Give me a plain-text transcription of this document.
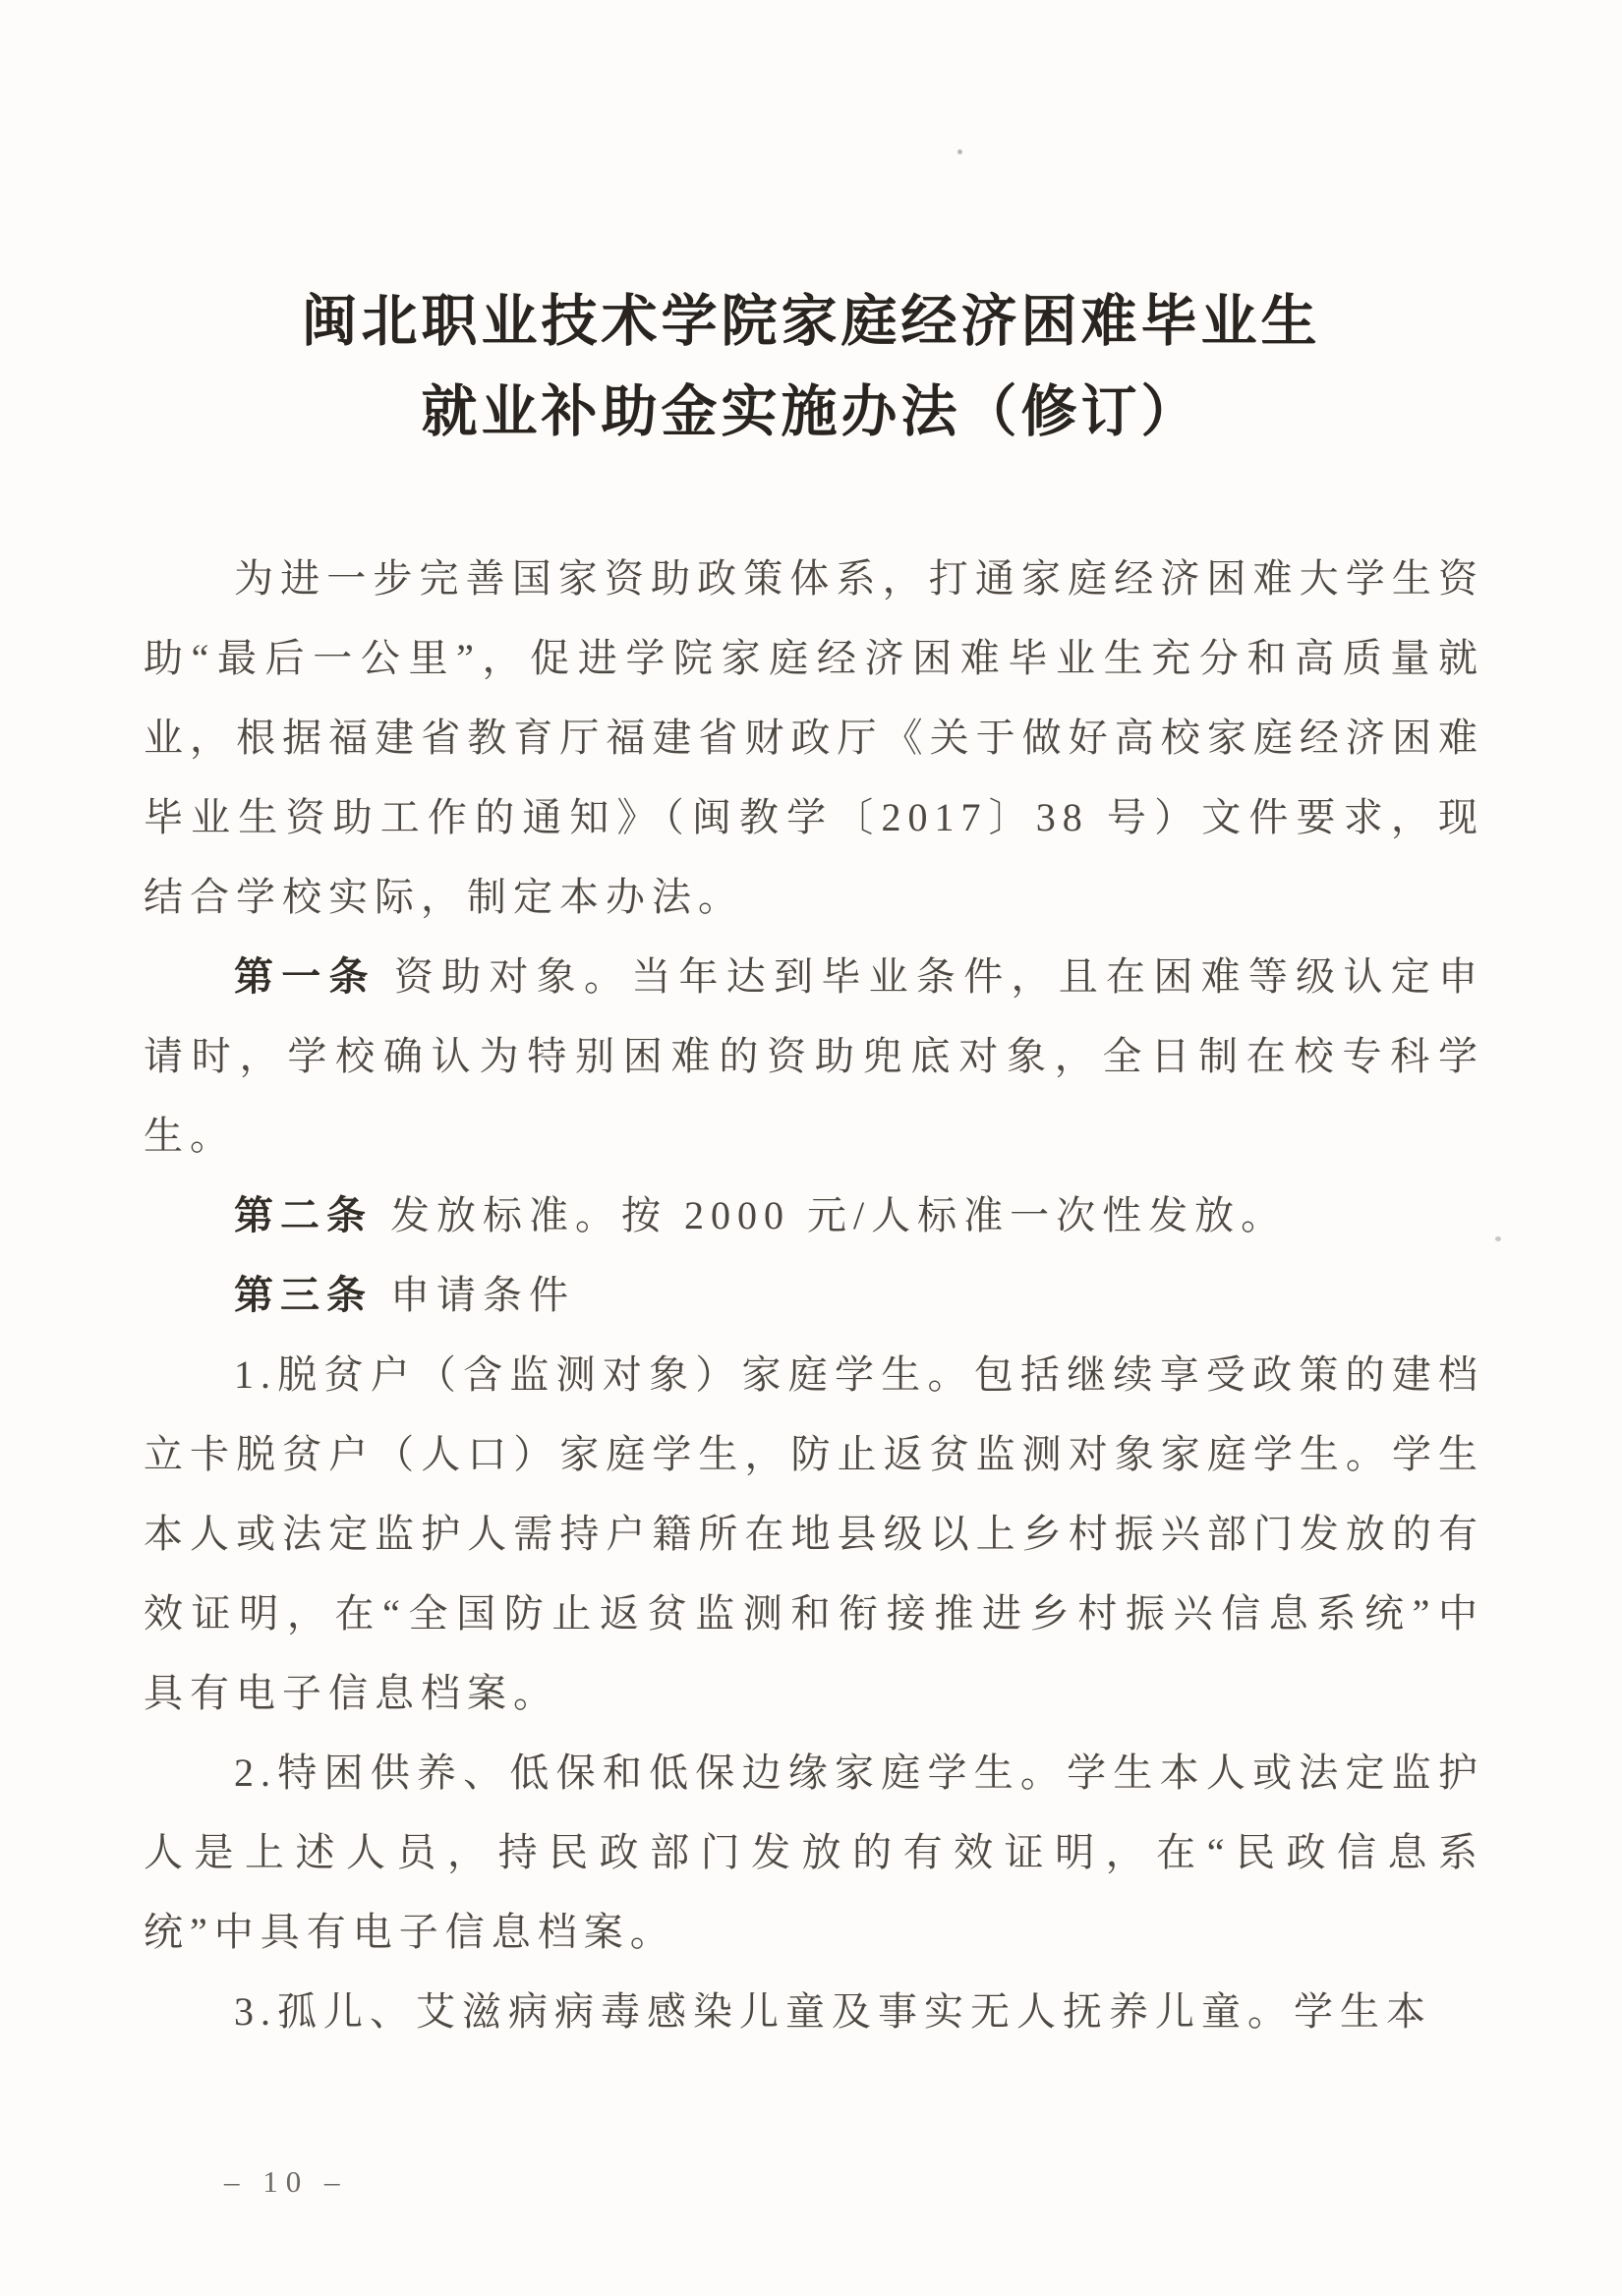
闽北职业技术学院家庭经济困难毕业生
就业补助金实施办法（修订）

为进一步完善国家资助政策体系，打通家庭经济困难大学生资助“最后一公里”，促进学院家庭经济困难毕业生充分和高质量就业，根据福建省教育厅福建省财政厅《关于做好高校家庭经济困难毕业生资助工作的通知》（闽教学〔2017〕38 号）文件要求，现结合学校实际，制定本办法。

第一条 资助对象。当年达到毕业条件，且在困难等级认定申请时，学校确认为特别困难的资助兜底对象，全日制在校专科学生。

第二条 发放标准。按 2000 元/人标准一次性发放。

第三条 申请条件

1.脱贫户（含监测对象）家庭学生。包括继续享受政策的建档立卡脱贫户（人口）家庭学生，防止返贫监测对象家庭学生。学生本人或法定监护人需持户籍所在地县级以上乡村振兴部门发放的有效证明，在“全国防止返贫监测和衔接推进乡村振兴信息系统”中具有电子信息档案。

2.特困供养、低保和低保边缘家庭学生。学生本人或法定监护人是上述人员，持民政部门发放的有效证明，在“民政信息系统”中具有电子信息档案。

3.孤儿、艾滋病病毒感染儿童及事实无人抚养儿童。学生本

– 10 –
